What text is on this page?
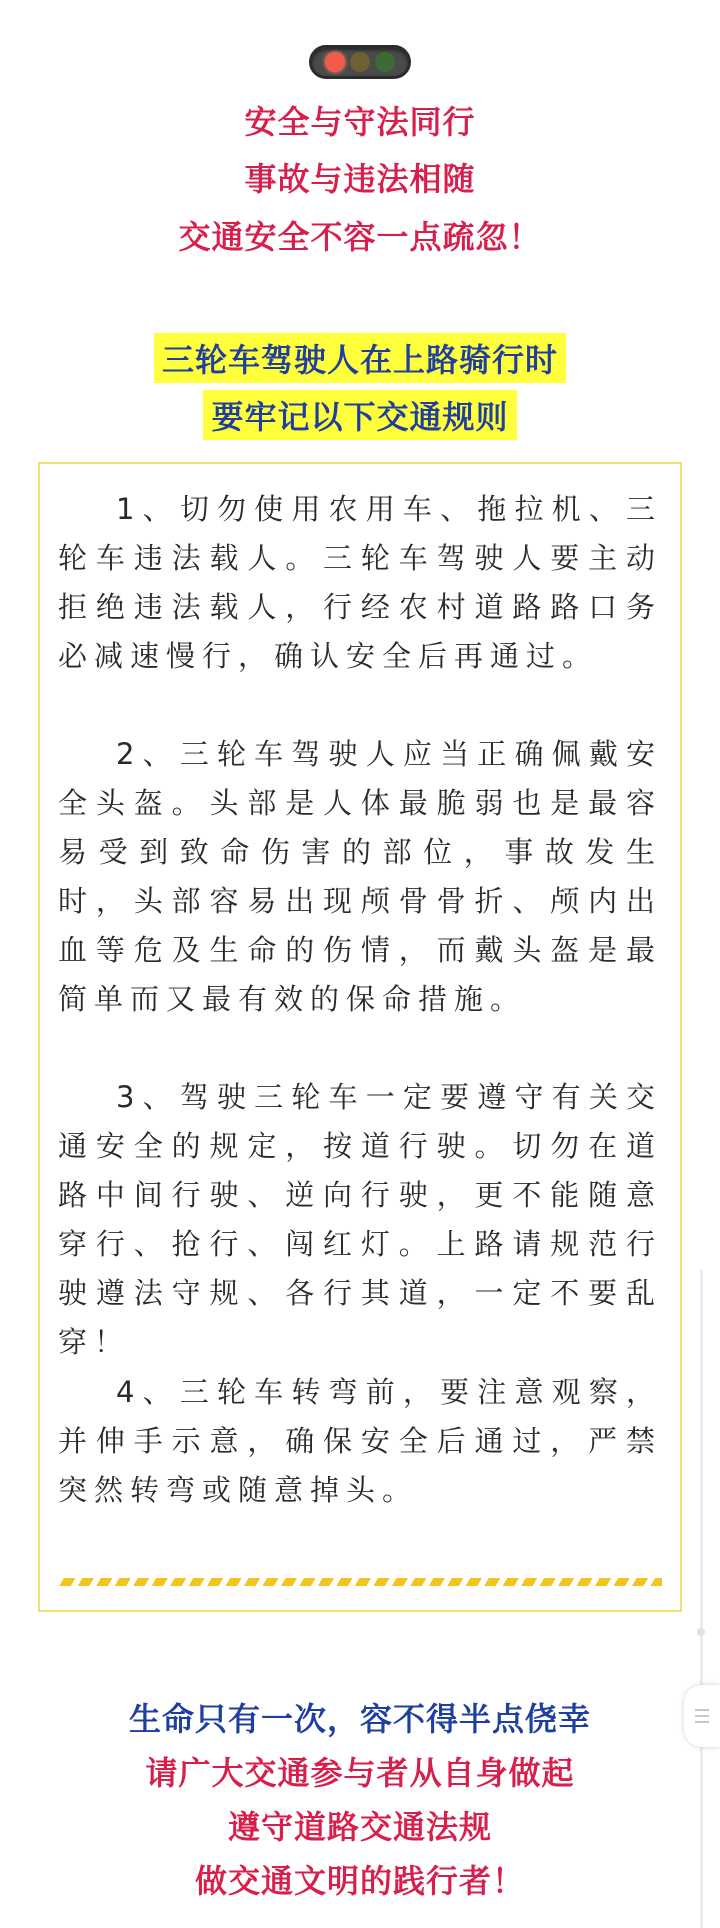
安全与守法同行
事故与违法相随
交通安全不容一点疏忽！
三轮车驾驶人在上路骑行时
要牢记以下交通规则

1、切勿使用农用车、拖拉机、三轮车违法载人。三轮车驾驶人要主动拒绝违法载人，行经农村道路路口务必减速慢行，确认安全后再通过。

2、三轮车驾驶人应当正确佩戴安全头盔。头部是人体最脆弱也是最容易受到致命伤害的部位，事故发生时，头部容易出现颅骨骨折、颅内出血等危及生命的伤情，而戴头盔是最简单而又最有效的保命措施。

3、驾驶三轮车一定要遵守有关交通安全的规定，按道行驶。切勿在道路中间行驶、逆向行驶，更不能随意穿行、抢行、闯红灯。上路请规范行驶遵法守规、各行其道，一定不要乱穿！

4、三轮车转弯前，要注意观察，并伸手示意，确保安全后通过，严禁突然转弯或随意掉头。

生命只有一次，容不得半点侥幸
请广大交通参与者从自身做起
遵守道路交通法规
做交通文明的践行者！
